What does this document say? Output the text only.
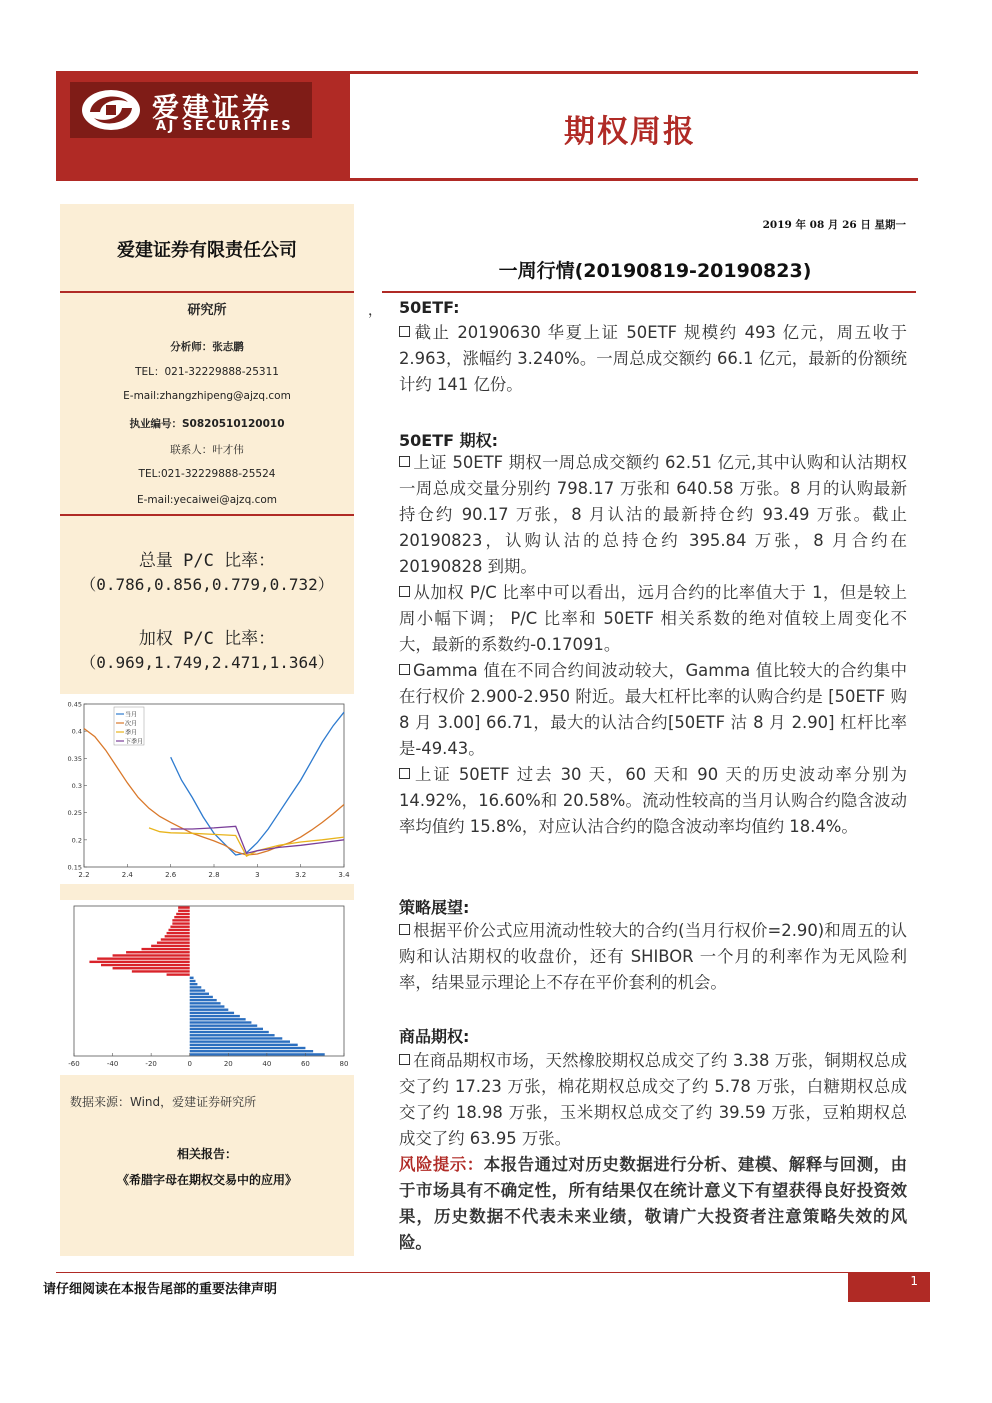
爱建证券
AJ SECURITIES	期权周报
爱建证券有限责任公司
研究所
分析师：张志鹏
TEL：021-32229888-25311
E-mail:zhangzhipeng@ajzq.com
执业编号：S0820510120010
联系人：叶才伟
TEL:021-32229888-25524
E-mail:yecaiwei@ajzq.com
总量 P/C 比率：
（0.786,0.856,0.779,0.732）
加权 P/C 比率：
（0.969,1.749,2.471,1.364）
2.2	2.4	2.6	2.8	3	3.2	3.4
0.15
0.2
0.25
0.3
0.35
0.4
0.45
当月
次月
季月
下季月
-60	-40	-20	0	20	40	60	80
数据来源：Wind，爱建证券研究所
相关报告：
《希腊字母在期权交易中的应用》
2019 年 08 月 26 日 星期一
一周行情(20190819-20190823)
， 50ETF:

截止 20190630 华夏上证 50ETF 规模约 493 亿元，周五收于 2.963，涨幅约 3.240%。一周总成交额约 66.1 亿元，最新的份额统计约 141 亿份。

50ETF 期权:

上证 50ETF 期权一周总成交额约 62.51 亿元,其中认购和认沽期权一周总成交量分别约 798.17 万张和 640.58 万张。8 月的认购最新持仓约 90.17 万张，8 月认沽的最新持仓约 93.49 万张。截止 20190823，认购认沽的总持仓约 395.84 万张，8 月合约在 20190828 到期。

从加权 P/C 比率中可以看出，远月合约的比率值大于 1，但是较上周小幅下调； P/C 比率和 50ETF 相关系数的绝对值较上周变化不大，最新的系数约-0.17091。

Gamma 值在不同合约间波动较大，Gamma 值比较大的合约集中在行权价 2.900-2.950 附近。最大杠杆比率的认购合约是 [50ETF 购 8 月 3.00] 66.71，最大的认沽合约[50ETF 沽 8 月 2.90] 杠杆比率是-49.43。

上证 50ETF 过去 30 天，60 天和 90 天的历史波动率分别为 14.92%，16.60%和 20.58%。流动性较高的当月认购合约隐含波动率均值约 15.8%，对应认沽合约的隐含波动率均值约 18.4%。

策略展望:

根据平价公式应用流动性较大的合约(当月行权价=2.90)和周五的认购和认沽期权的收盘价，还有 SHIBOR 一个月的利率作为无风险利率，结果显示理论上不存在平价套利的机会。

商品期权:

在商品期权市场，天然橡胶期权总成交了约 3.38 万张，铜期权总成交了约 17.23 万张，棉花期权总成交了约 5.78 万张，白糖期权总成交了约 18.98 万张，玉米期权总成交了约 39.59 万张，豆粕期权总成交了约 63.95 万张。

风险提示：本报告通过对历史数据进行分析、建模、解释与回测，由于市场具有不确定性，所有结果仅在统计意义下有望获得良好投资效果，历史数据不代表未来业绩，敬请广大投资者注意策略失效的风险。
请仔细阅读在本报告尾部的重要法律声明
1
